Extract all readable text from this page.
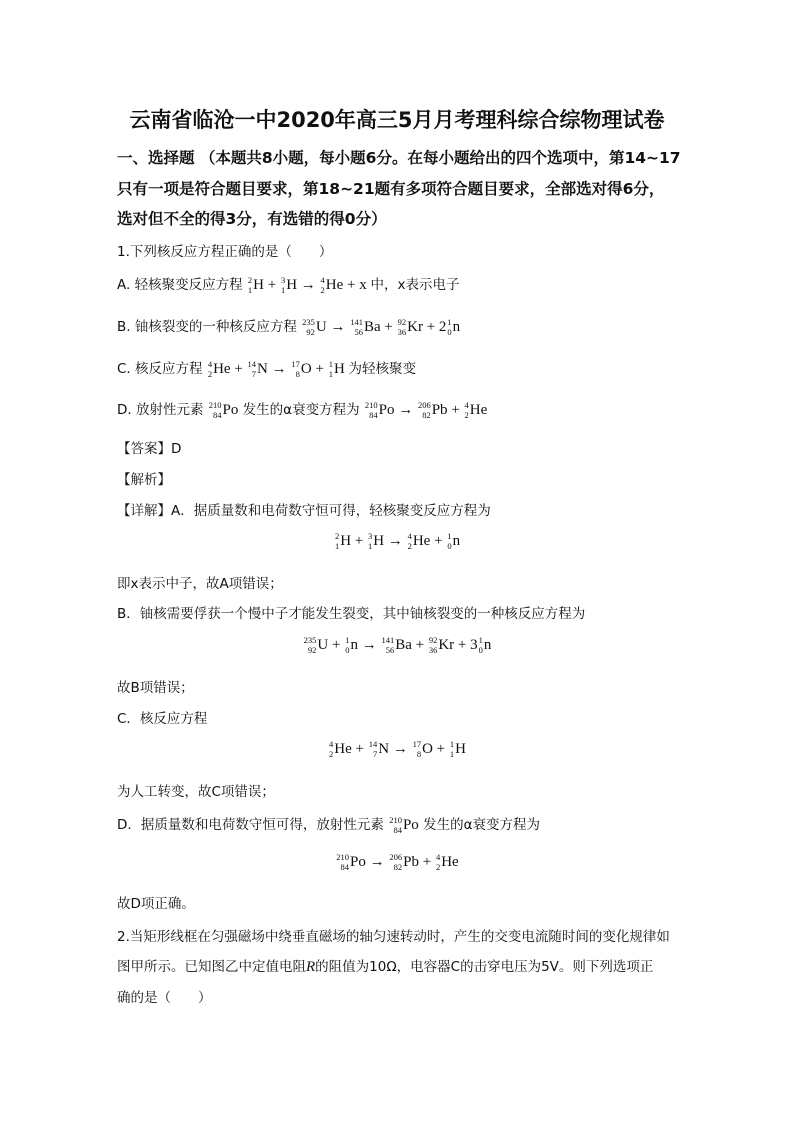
云南省临沧一中2020年高三5月月考理科综合综物理试卷
一、选择题 （本题共8小题，每小题6分。在每小题给出的四个选项中，第14~17
只有一项是符合题目要求，第18~21题有多项符合题目要求，全部选对得6分，
选对但不全的得3分，有选错的得0分）
1.下列核反应方程正确的是（　　）
A. 轻核聚变反应方程 2
1 H + 3
1 H → 4
2 He + x 中，x表示电子
B. 铀核裂变的一种核反应方程 235
92 U → 141
56 Ba + 92
36 Kr + 2 1
0 n
C. 核反应方程 4
2 He + 14
7 N → 17
8 O + 1
1 H 为轻核聚变
D. 放射性元素 210
84 Po 发生的α衰变方程为 210
84 Po → 206
82 Pb + 4
2 He
【答案】D
【解析】
【详解】A．据质量数和电荷数守恒可得，轻核聚变反应方程为
2
1 H + 3
1 H → 4
2 He + 1
0 n
即x表示中子，故A项错误；
B．铀核需要俘获一个慢中子才能发生裂变，其中铀核裂变的一种核反应方程为
235
92 U + 1
0 n → 141
56 Ba + 92
36 Kr + 3 1
0 n
故B项错误；
C．核反应方程
4
2 He + 14
7 N → 17
8 O + 1
1 H
为人工转变，故C项错误；
D．据质量数和电荷数守恒可得，放射性元素 210
84 Po 发生的α衰变方程为
210
84 Po → 206
82 Pb + 4
2 He
故D项正确。
2.当矩形线框在匀强磁场中绕垂直磁场的轴匀速转动时，产生的交变电流随时间的变化规律如
图甲所示。已知图乙中定值电阻R的阻值为10Ω，电容器C的击穿电压为5V。则下列选项正
确的是（　　）
